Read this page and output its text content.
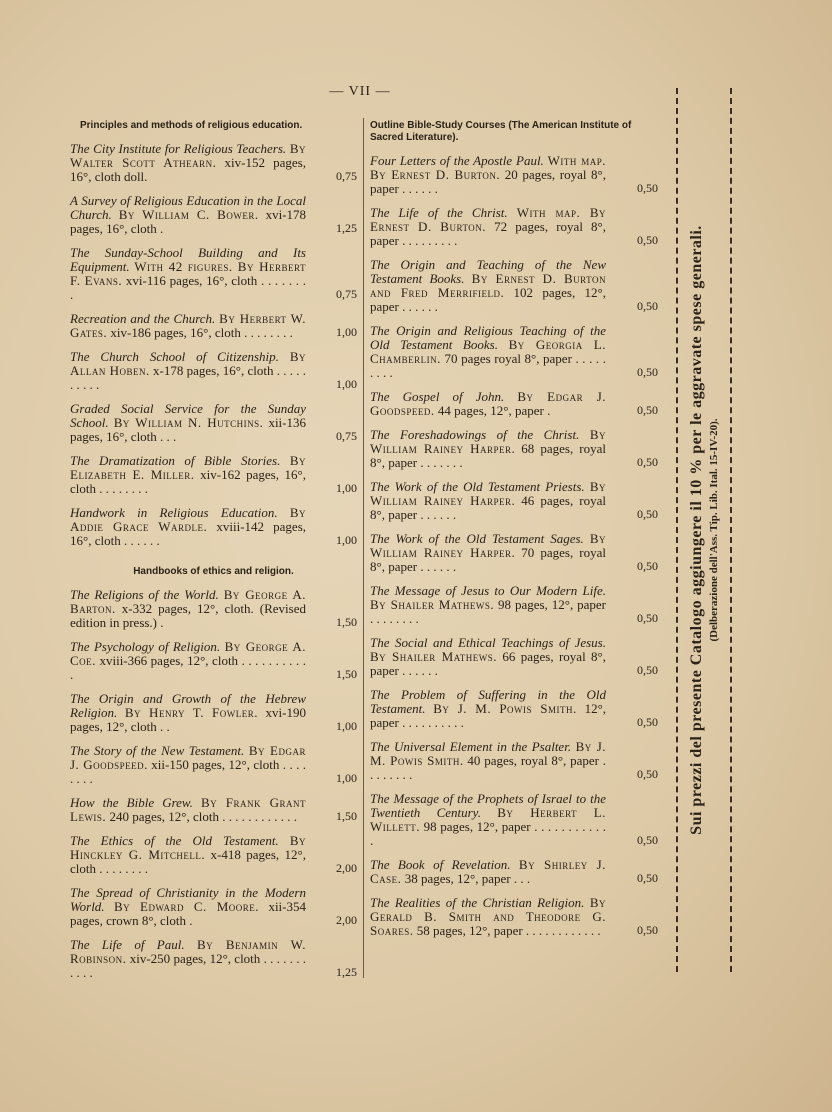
— VII —
Principles and methods of religious education.
The City Institute for Religious Teachers. By Walter Scott Athearn. xiv-152 pages, 16°, cloth doll.	0,75
A Survey of Religious Education in the Local Church. By William C. Bower. xvi-178 pages, 16°, cloth .	1,25
The Sunday-School Building and Its Equipment. With 42 figures. By Herbert F. Evans. xvi-116 pages, 16°, cloth . . . . . . . .	0,75
Recreation and the Church. By Herbert W. Gates. xiv-186 pages, 16°, cloth . . . . . . . .	1,00
The Church School of Citizenship. By Allan Hoben. x-178 pages, 16°, cloth . . . . . . . . . .	1,00
Graded Social Service for the Sunday School. By William N. Hutchins. xii-136 pages, 16°, cloth . . .	0,75
The Dramatization of Bible Stories. By Elizabeth E. Miller. xiv-162 pages, 16°, cloth . . . . . . . .	1,00
Handwork in Religious Education. By Addie Grace Wardle. xviii-142 pages, 16°, cloth . . . . . .	1,00
Handbooks of ethics and religion.
The Religions of the World. By George A. Barton. x-332 pages, 12°, cloth. (Revised edition in press.) .	1,50
The Psychology of Religion. By George A. Coe. xviii-366 pages, 12°, cloth . . . . . . . . . . .	1,50
The Origin and Growth of the Hebrew Religion. By Henry T. Fowler. xvi-190 pages, 12°, cloth . .	1,00
The Story of the New Testament. By Edgar J. Goodspeed. xii-150 pages, 12°, cloth . . . . . . . .	1,00
How the Bible Grew. By Frank Grant Lewis. 240 pages, 12°, cloth . . . . . . . . . . . .	1,50
The Ethics of the Old Testament. By Hinckley G. Mitchell. x-418 pages, 12°, cloth . . . . . . . .	2,00
The Spread of Christianity in the Modern World. By Edward C. Moore. xii-354 pages, crown 8°, cloth .	2,00
The Life of Paul. By Benjamin W. Robinson. xiv-250 pages, 12°, cloth . . . . . . . . . . .	1,25
Outline Bible-Study Courses (The American Institute of Sacred Literature).
Four Letters of the Apostle Paul. With map. By Ernest D. Burton. 20 pages, royal 8°, paper . . . . . .	0,50
The Life of the Christ. With map. By Ernest D. Burton. 72 pages, royal 8°, paper . . . . . . . . .	0,50
The Origin and Teaching of the New Testament Books. By Ernest D. Burton and Fred Merrifield. 102 pages, 12°, paper . . . . . .	0,50
The Origin and Religious Teaching of the Old Testament Books. By Georgia L. Chamberlin. 70 pages royal 8°, paper . . . . . . . . .	0,50
The Gospel of John. By Edgar J. Goodspeed. 44 pages, 12°, paper .	0,50
The Foreshadowings of the Christ. By William Rainey Harper. 68 pages, royal 8°, paper . . . . . . .	0,50
The Work of the Old Testament Priests. By William Rainey Harper. 46 pages, royal 8°, paper . . . . . .	0,50
The Work of the Old Testament Sages. By William Rainey Harper. 70 pages, royal 8°, paper . . . . . .	0,50
The Message of Jesus to Our Modern Life. By Shailer Mathews. 98 pages, 12°, paper . . . . . . . .	0,50
The Social and Ethical Teachings of Jesus. By Shailer Mathews. 66 pages, royal 8°, paper . . . . . .	0,50
The Problem of Suffering in the Old Testament. By J. M. Powis Smith. 12°, paper . . . . . . . . . .	0,50
The Universal Element in the Psalter. By J. M. Powis Smith. 40 pages, royal 8°, paper . . . . . . . .	0,50
The Message of the Prophets of Israel to the Twentieth Century. By Herbert L. Willett. 98 pages, 12°, paper . . . . . . . . . . . .	0,50
The Book of Revelation. By Shirley J. Case. 38 pages, 12°, paper . . .	0,50
The Realities of the Christian Religion. By Gerald B. Smith and Theodore G. Soares. 58 pages, 12°, paper . . . . . . . . . . . .	0,50
Sui prezzi del presente Catalogo aggiungere il 10 % per le aggravate spese generali. (Delberazione dell'Ass. Tip. Lib. Ital. 15-IV-20).
